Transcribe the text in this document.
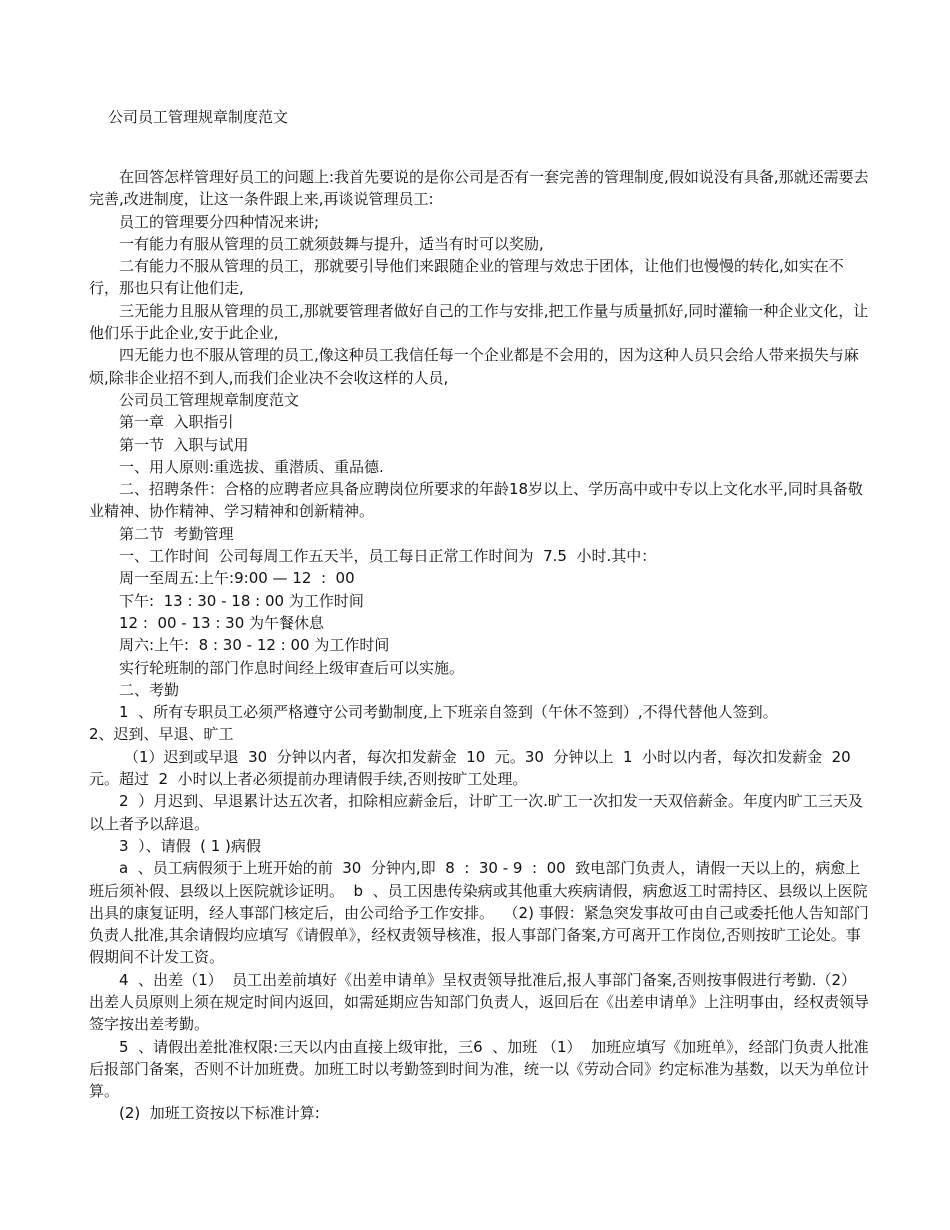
公司员工管理规章制度范文

在回答怎样管理好员工的问题上:我首先要说的是你公司是否有一套完善的管理制度,假如说没有具备,那就还需要去完善,改进制度，让这一条件跟上来,再谈说管理员工:

员工的管理要分四种情况来讲;

一有能力有服从管理的员工就须鼓舞与提升，适当有时可以奖励,

二有能力不服从管理的员工，那就要引导他们来跟随企业的管理与效忠于团体，让他们也慢慢的转化,如实在不行，那也只有让他们走,

三无能力且服从管理的员工,那就要管理者做好自己的工作与安排,把工作量与质量抓好,同时灌输一种企业文化，让他们乐于此企业,安于此企业,

四无能力也不服从管理的员工,像这种员工我信任每一个企业都是不会用的，因为这种人员只会给人带来损失与麻烦,除非企业招不到人,而我们企业决不会收这样的人员,

公司员工管理规章制度范文

第一章  入职指引

第一节  入职与试用

一、用人原则:重选拔、重潜质、重品德.

二、招聘条件：合格的应聘者应具备应聘岗位所要求的年龄18岁以上、学历高中或中专以上文化水平,同时具备敬业精神、协作精神、学习精神和创新精神。

第二节  考勤管理

一、工作时间  公司每周工作五天半，员工每日正常工作时间为  7.5  小时.其中：

周一至周五:上午:9:00 — 12  :  00

下午:  13 : 30 - 18 : 00 为工作时间

12 :  00 - 13 : 30 为午餐休息

周六:上午:  8 : 30 - 12 : 00 为工作时间

实行轮班制的部门作息时间经上级审查后可以实施。

二、考勤

1  、所有专职员工必须严格遵守公司考勤制度,上下班亲自签到（午休不签到）,不得代替他人签到。

2、迟到、早退、旷工

（1）迟到或早退  30  分钟以内者，每次扣发薪金  10  元。30  分钟以上  1  小时以内者，每次扣发薪金  20  元。超过  2  小时以上者必须提前办理请假手续,否则按旷工处理。

2  ）月迟到、早退累计达五次者，扣除相应薪金后，计旷工一次.旷工一次扣发一天双倍薪金。年度内旷工三天及以上者予以辞退。

3  ）、请假  ( 1 )病假

a  、员工病假须于上班开始的前  30  分钟内,即  8  :  30 - 9  :  00  致电部门负责人，请假一天以上的，病愈上班后须补假、县级以上医院就诊证明。  b  、员工因患传染病或其他重大疾病请假，病愈返工时需持区、县级以上医院出具的康复证明，经人事部门核定后，由公司给予工作安排。  （2) 事假：紧急突发事故可由自己或委托他人告知部门负责人批准,其余请假均应填写《请假单》，经权责领导核准，报人事部门备案,方可离开工作岗位,否则按旷工论处。事假期间不计发工资。

4  、出差（1）  员工出差前填好《出差申请单》呈权责领导批准后,报人事部门备案,否则按事假进行考勤.（2）  出差人员原则上须在规定时间内返回，如需延期应告知部门负责人，返回后在《出差申请单》上注明事由，经权责领导签字按出差考勤。

5  、请假出差批准权限:三天以内由直接上级审批，三6  、加班 （1）  加班应填写《加班单》，经部门负责人批准后报部门备案，否则不计加班费。加班工时以考勤签到时间为准，统一以《劳动合同》约定标准为基数，以天为单位计算。

(2)  加班工资按以下标准计算:
